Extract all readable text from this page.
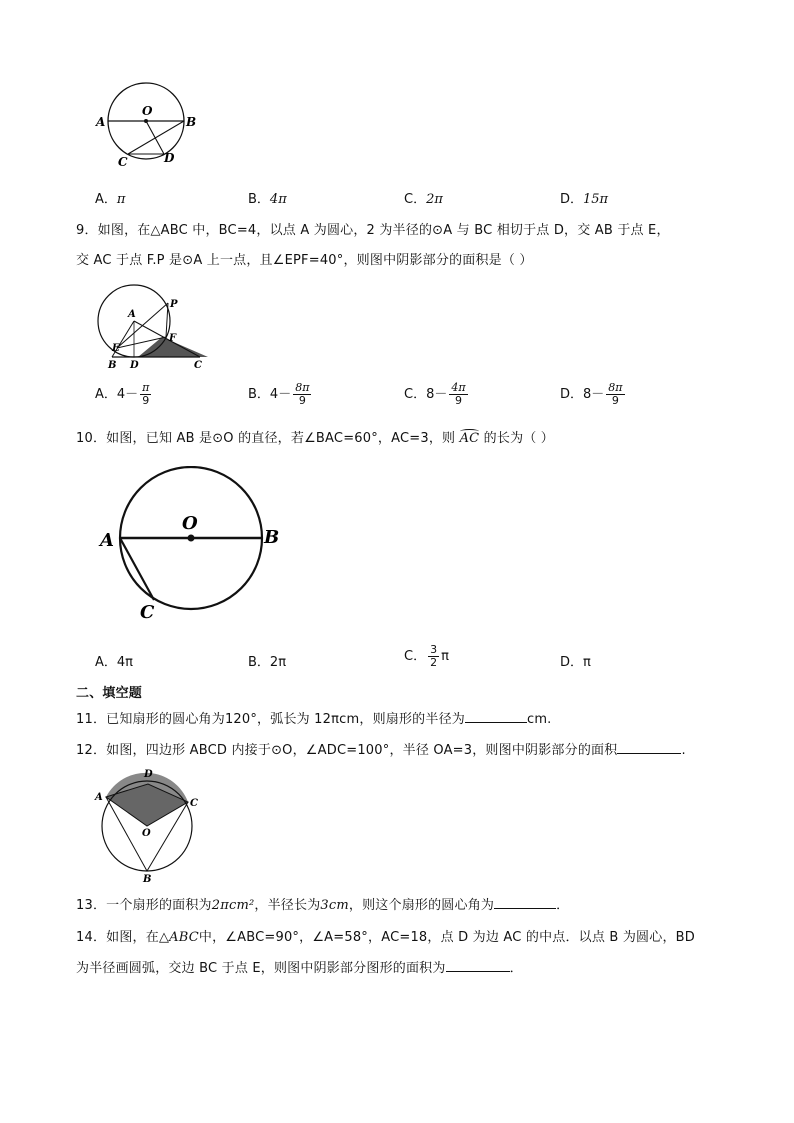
A
O
B
C	D
A．π	B．4π	C．2π	D．15π
9．如图，在△ABC 中，BC=4，以点 A 为圆心，2 为半径的⊙A 与 BC 相切于点 D，交 AB 于点 E，
交 AC 于点 F.P 是⊙A 上一点，且∠EPF=40°，则图中阴影部分的面积是（ ）
P
A
F
E
B D	C
A．$4- \frac{\pi}{9}$	B．$4- \frac{8\pi}{9}$	C．$8- \frac{4\pi}{9}$	D．$8- \frac{8\pi}{9}$
10．如图，已知 AB 是⊙O 的直径，若∠BAC=60°，AC=3，则 AC 的长为（ ）
A
O
B
C
A．4π	B．2π	C． $\frac{3}{2}$ π	D．π
二、填空题
11．已知扇形的圆心角为120°，弧长为 12πcm，则扇形的半径为	cm.
12．如图，四边形 ABCD 内接于⊙O，∠ADC=100°，半径 OA=3，则图中阴影部分的面积	.
D
A
C
O
B
13．一个扇形的面积为2πcm²，半径长为3cm，则这个扇形的圆心角为	．
14．如图，在△ABC中，∠ABC=90°，∠A=58°，AC=18，点 D 为边 AC 的中点．以点 B 为圆心，BD
为半径画圆弧，交边 BC 于点 E，则图中阴影部分图形的面积为	．
